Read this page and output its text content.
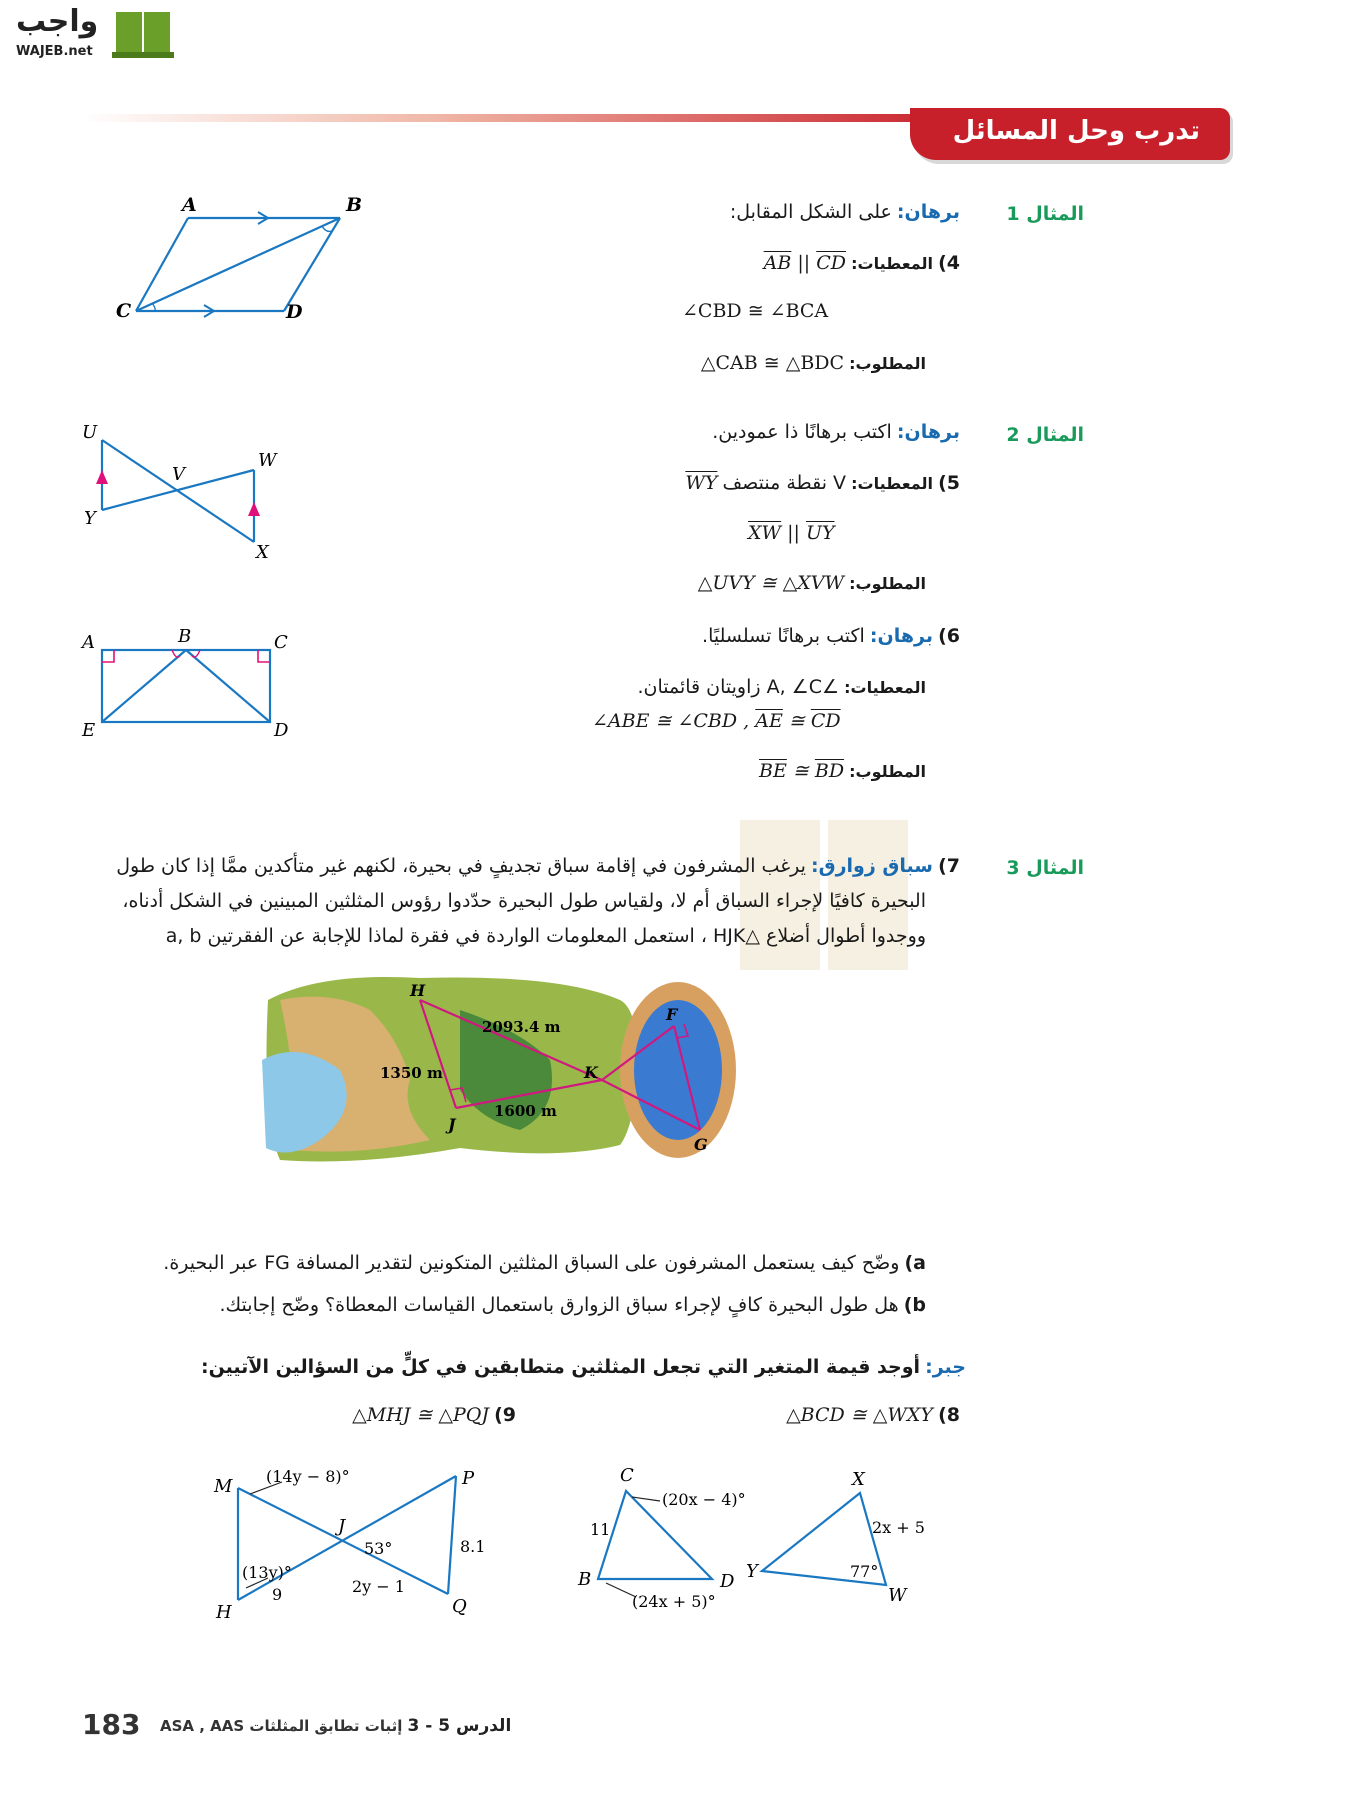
واجب
WAJEB.net
تدرب وحل المسائل
المثال 1
برهان: على الشكل المقابل:
4) المعطيات: $\overline{AB}$ || $\overline{CD}$
∠CBD ≅ ∠BCA
المطلوب: △CAB ≅ △BDC
A	B
C	D
المثال 2
برهان: اكتب برهانًا ذا عمودين.
5) المعطيات: V نقطة منتصف WY
$\overline{XW}$ || $\overline{UY}$
المطلوب: △UVY ≅ △XVW
U
V
W
Y
X
6) برهان: اكتب برهانًا تسلسليًا.
المعطيات: ∠A, ∠C زاويتان قائمتان.
∠ABE ≅ ∠CBD , $\overline{AE}$ ≅ $\overline{CD}$
المطلوب: $\overline{BE}$ ≅ $\overline{BD}$
A	B	C
E	D
المثال 3
7) سباق زوارق: يرغب المشرفون في إقامة سباق تجديفٍ في بحيرة، لكنهم غير متأكدين ممَّا إذا كان طول
البحيرة كافيًا لإجراء السباق أم لا، ولقياس طول البحيرة حدّدوا رؤوس المثلثين المبينين في الشكل أدناه،
ووجدوا أطوال أضلاع △HJK ، استعمل المعلومات الواردة في فقرة لماذا للإجابة عن الفقرتين a, b
H
J
K
F
G
2093.4 m
1350 m
1600 m
a) وضّح كيف يستعمل المشرفون على السباق المثلثين المتكونين لتقدير المسافة FG عبر البحيرة.
b) هل طول البحيرة كافٍ لإجراء سباق الزوارق باستعمال القياسات المعطاة؟ وضّح إجابتك.
جبر: أوجد قيمة المتغير التي تجعل المثلثين متطابقين في كلٍّ من السؤالين الآتيين:
8) △BCD ≅ △WXY
9) △MHJ ≅ △PQJ
C
B	D
X
Y
W
(20x − 4)°
(24x + 5)°
11	2x + 5
77°
M
H
J
P
Q
(14y − 8)°
(13y)°
9
53°
2y − 1
8.1
183	الدرس 5 - 3 إثبات تطابق المثلثات ASA , AAS
